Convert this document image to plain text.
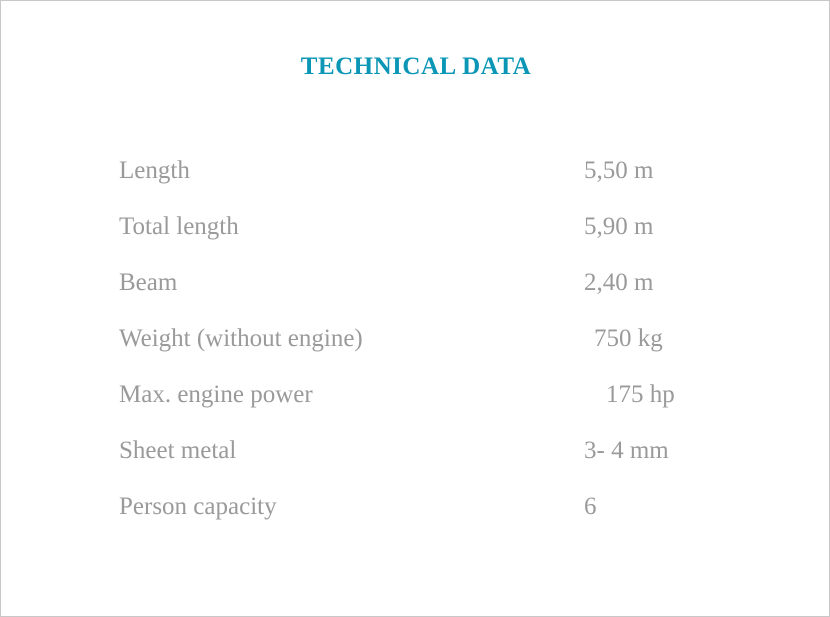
TECHNICAL DATA
Length	5,50 m
Total length	5,90 m
Beam	2,40 m
Weight (without engine)	750 kg
Max. engine power	175 hp
Sheet metal	3- 4 mm
Person capacity	6
